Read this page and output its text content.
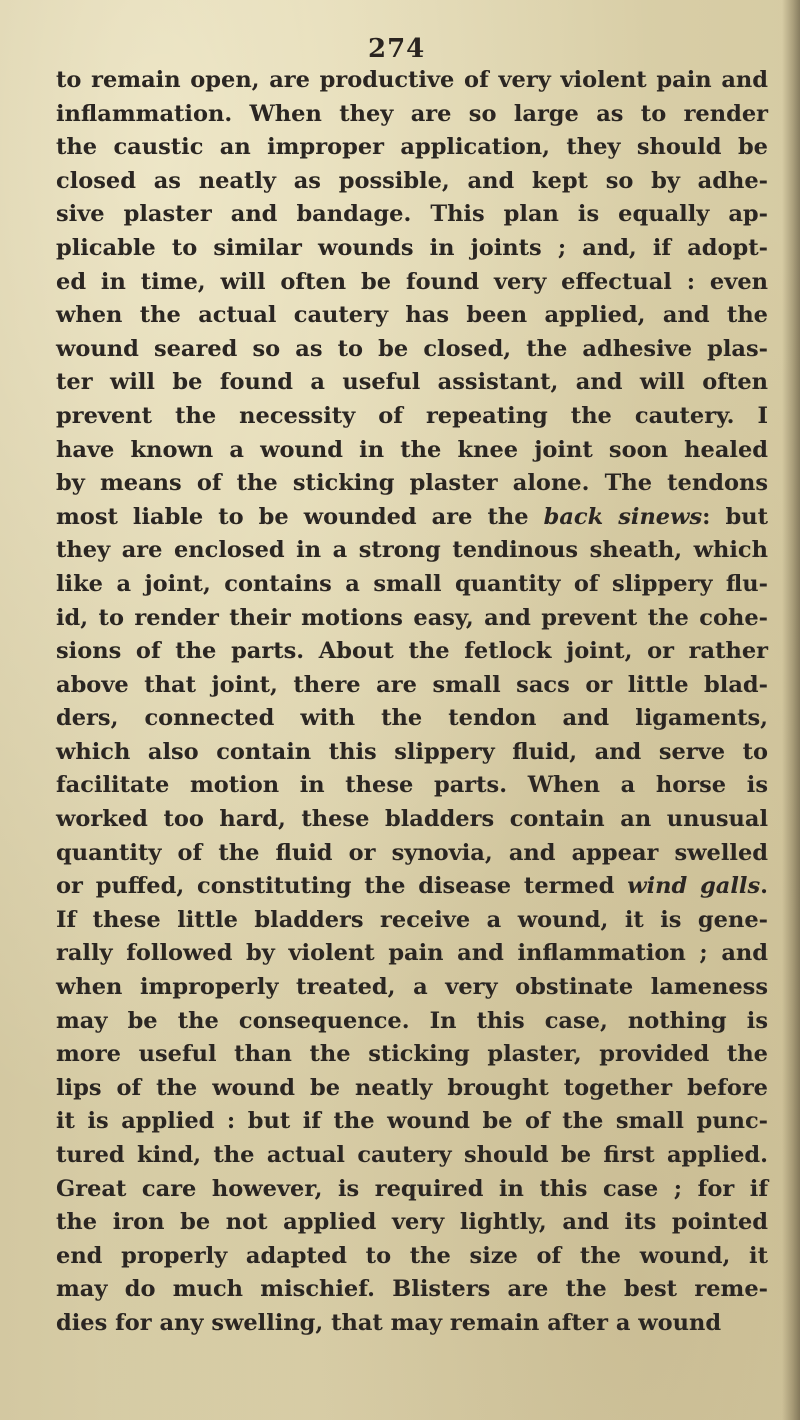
274
to remain open, are productive of very violent pain and
inflammation. When they are so large as to render
the caustic an improper application, they should be
closed as neatly as possible, and kept so by adhe-
sive plaster and bandage. This plan is equally ap-
plicable to similar wounds in joints ; and, if adopt-
ed in time, will often be found very effectual : even
when the actual cautery has been applied, and the
wound seared so as to be closed, the adhesive plas-
ter will be found a useful assistant, and will often
prevent the necessity of repeating the cautery. I
have known a wound in the knee joint soon healed
by means of the sticking plaster alone. The tendons
most liable to be wounded are the back sinews: but
they are enclosed in a strong tendinous sheath, which
like a joint, contains a small quantity of slippery flu-
id, to render their motions easy, and prevent the cohe-
sions of the parts. About the fetlock joint, or rather
above that joint, there are small sacs or little blad-
ders, connected with the tendon and ligaments,
which also contain this slippery fluid, and serve to
facilitate motion in these parts. When a horse is
worked too hard, these bladders contain an unusual
quantity of the fluid or synovia, and appear swelled
or puffed, constituting the disease termed wind galls.
If these little bladders receive a wound, it is gene-
rally followed by violent pain and inflammation ; and
when improperly treated, a very obstinate lameness
may be the consequence. In this case, nothing is
more useful than the sticking plaster, provided the
lips of the wound be neatly brought together before
it is applied : but if the wound be of the small punc-
tured kind, the actual cautery should be first applied.
Great care however, is required in this case ; for if
the iron be not applied very lightly, and its pointed
end properly adapted to the size of the wound, it
may do much mischief. Blisters are the best reme-
dies for any swelling, that may remain after a wound
